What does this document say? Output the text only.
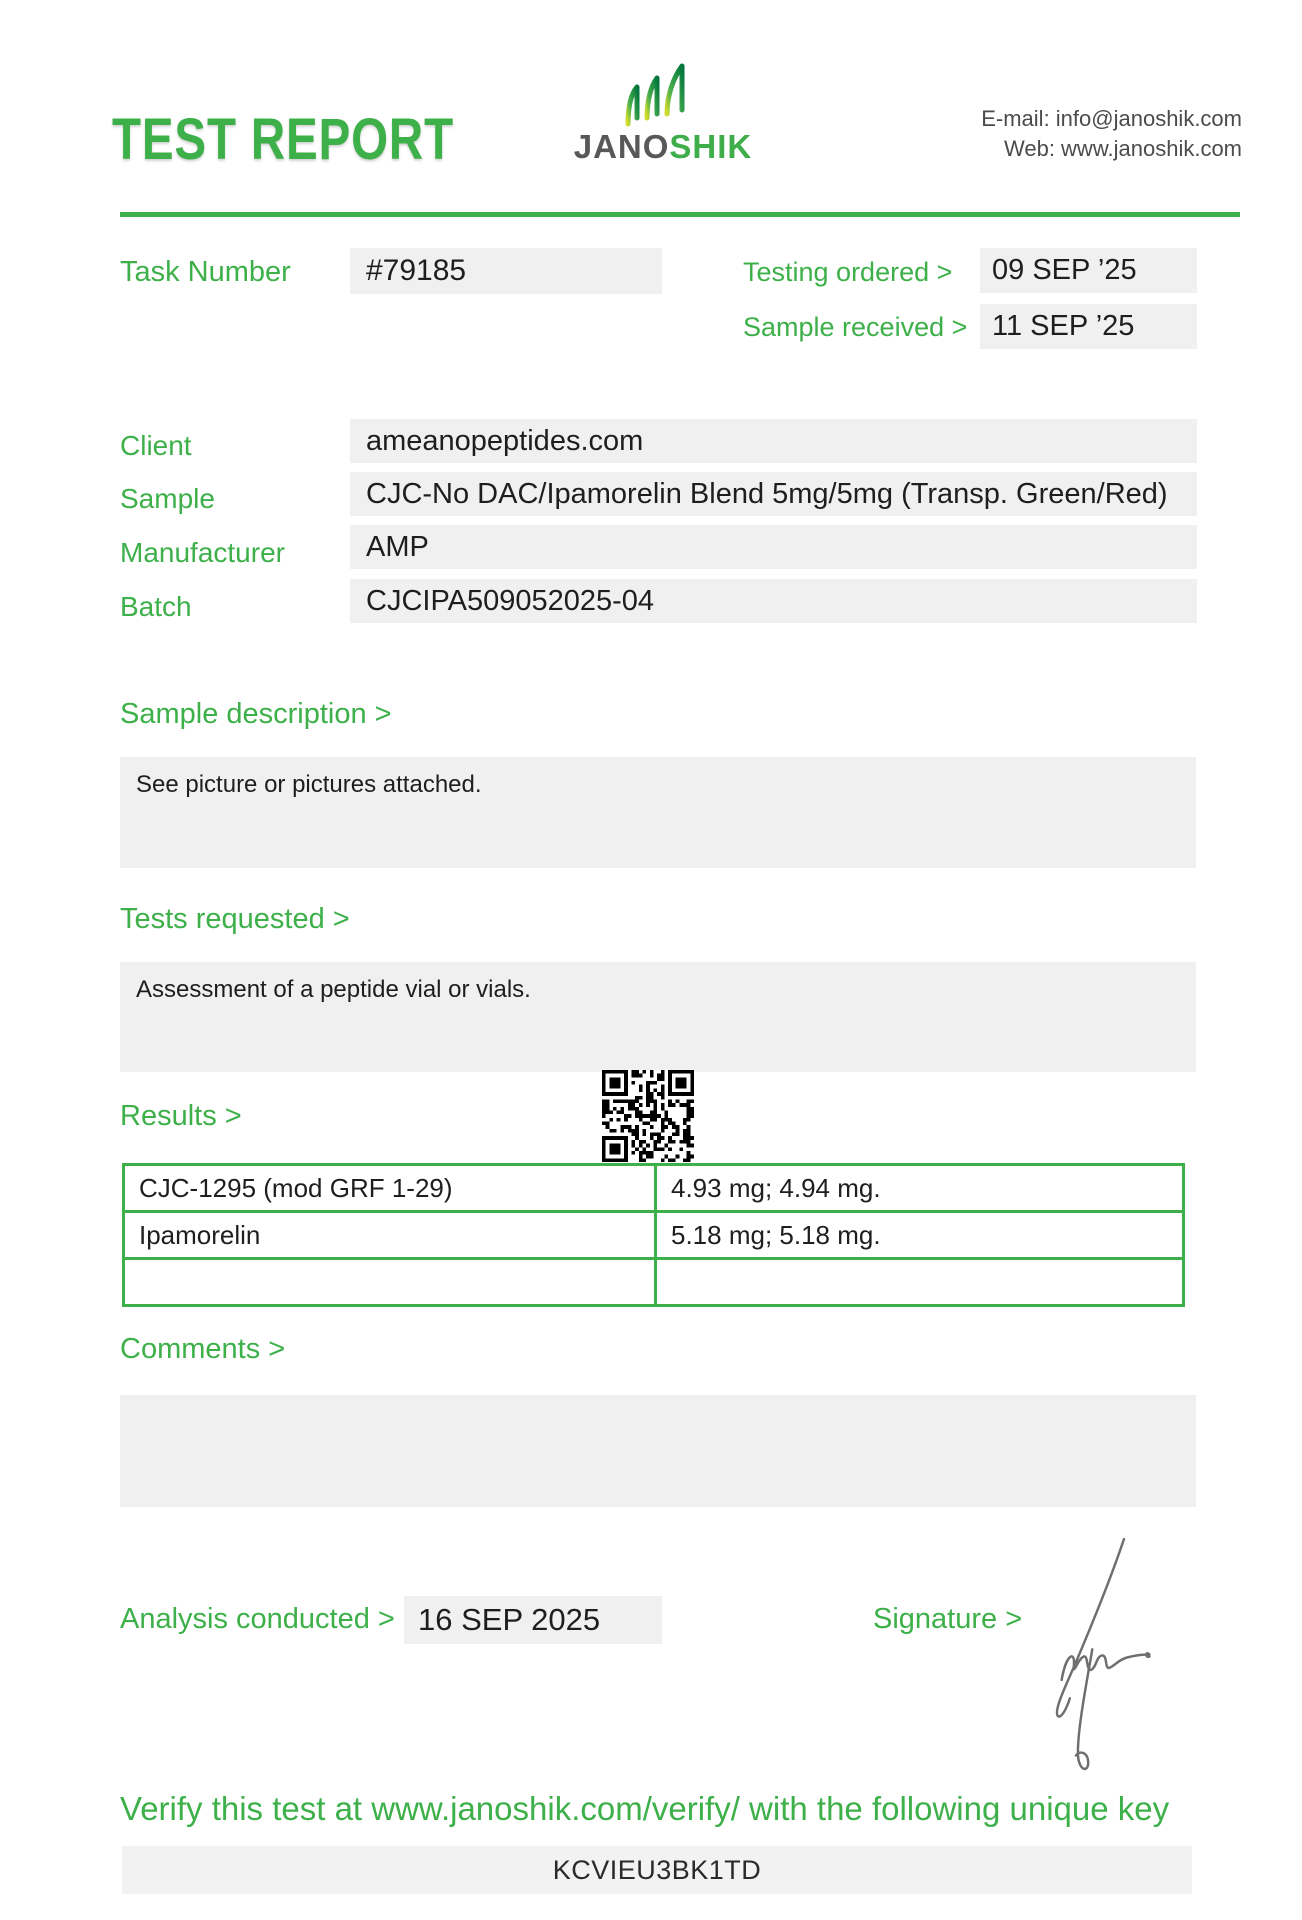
TEST REPORT	JANOSHIK
E-mail: info@janoshik.com
Web: www.janoshik.com
Task Number	#79185	Testing ordered >	09 SEP ’25
Sample received > 11 SEP ’25
Client	ameanopeptides.com
Sample	CJC-No DAC/Ipamorelin Blend 5mg/5mg (Transp. Green/Red)
Manufacturer	AMP
Batch	CJCIPA509052025-04
Sample description >
See picture or pictures attached.
Tests requested >
Assessment of a peptide vial or vials.
Results >
CJC-1295 (mod GRF 1-29)	4.93 mg; 4.94 mg.
Ipamorelin	5.18 mg; 5.18 mg.

Comments >
Analysis conducted > 16 SEP 2025	Signature >
Verify this test at www.janoshik.com/verify/ with the following unique key
KCVIEU3BK1TD
